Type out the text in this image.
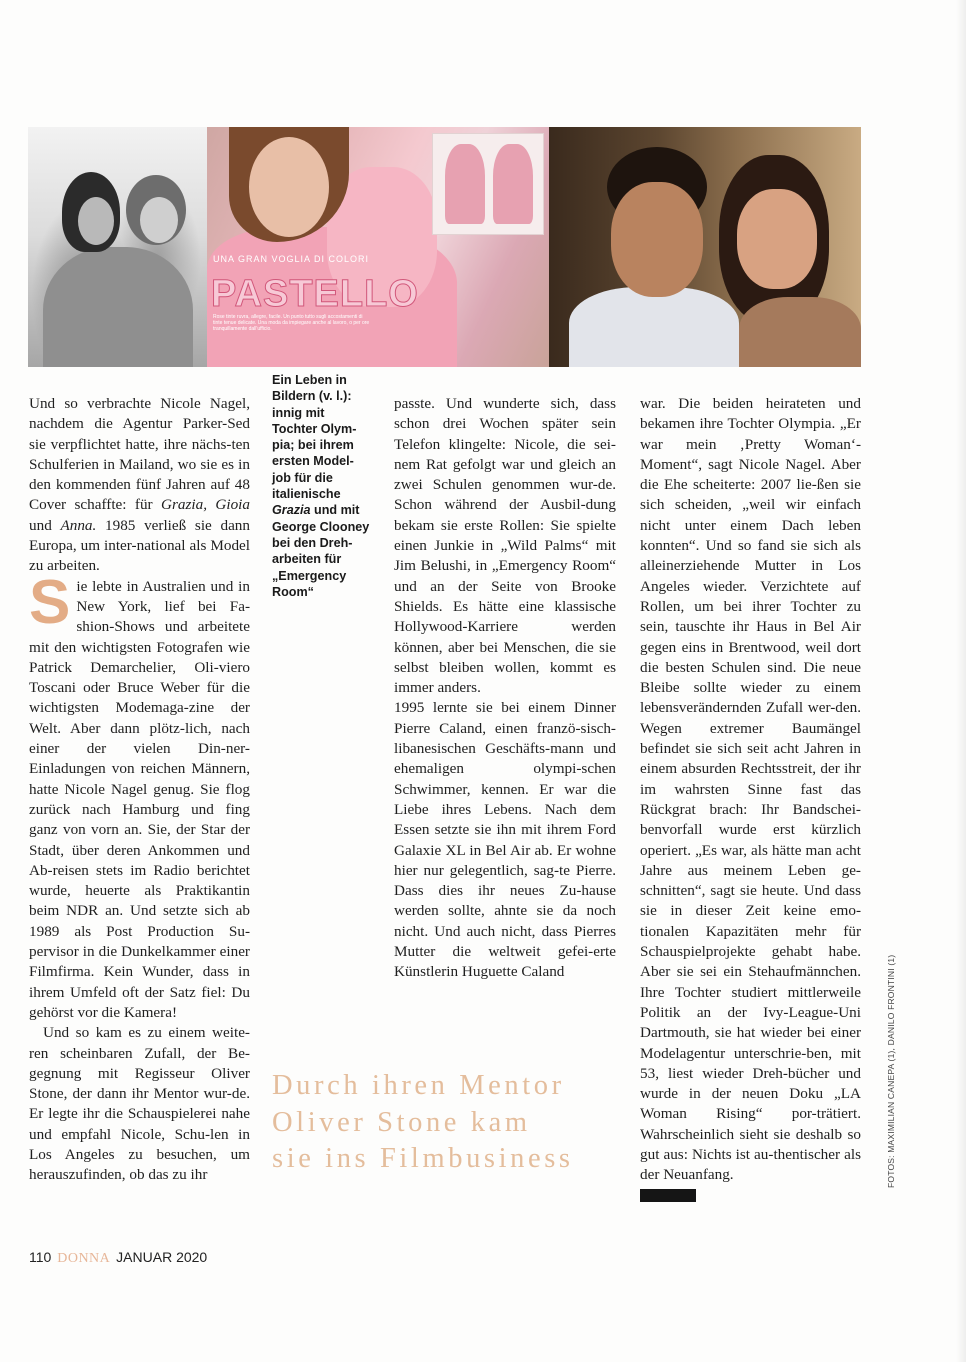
UNA GRAN VOGLIA DI COLORI
PASTELLO
Rose tinte ruvra, allegre, facile. Un punto tutto sugli accostamenti di tinte tenue delicate. Una moda da impiegare anche al lavoro, o per ore tranquillamente dall'ufficio.

Und so verbrachte Nicole Nagel, nachdem die Agentur Parker-Sed sie verpflichtet hatte, ihre nächs-ten Schulferien in Mailand, wo sie es in den kommenden fünf Jahren auf 48 Cover schaffte: für Grazia, Gioia und Anna. 1985 verließ sie dann Europa, um inter-national als Model zu arbeiten.

Sie lebte in Australien und in New York, lief bei Fa-shion-Shows und arbeitete mit den wichtigsten Fotografen wie Patrick Demarchelier, Oli-viero Toscani oder Bruce Weber für die wichtigsten Modemaga-zine der Welt. Aber dann plötz-lich, nach einer der vielen Din-ner-Einladungen von reichen Männern, hatte Nicole Nagel genug. Sie flog zurück nach Hamburg und fing ganz von vorn an. Sie, der Star der Stadt, über deren Ankommen und Ab-reisen stets im Radio berichtet wurde, heuerte als Praktikantin beim NDR an. Und setzte sich ab 1989 als Post Production Su-pervisor in die Dunkelkammer einer Filmfirma. Kein Wunder, dass in ihrem Umfeld oft der Satz fiel: Du gehörst vor die Kamera!

Und so kam es zu einem weite-ren scheinbaren Zufall, der Be-gegnung mit Regisseur Oliver Stone, der dann ihr Mentor wur-de. Er legte ihr die Schauspielerei nahe und empfahl Nicole, Schu-len in Los Angeles zu besuchen, um herauszufinden, ob das zu ihr

Ein Leben in Bildern (v. l.): innig mit Tochter Olym-pia; bei ihrem ersten Model-job für die italienische Grazia und mit George Clooney bei den Dreh-arbeiten für „Emergency Room“

passte. Und wunderte sich, dass schon drei Wochen später sein Telefon klingelte: Nicole, die sei-nem Rat gefolgt war und gleich an zwei Schulen genommen wur-de. Schon während der Ausbil-dung bekam sie erste Rollen: Sie spielte einen Junkie in „Wild Palms“ mit Jim Belushi, in „Emergency Room“ und an der Seite von Brooke Shields. Es hätte eine klassische Hollywood-Karriere werden können, aber bei Menschen, die sie selbst bleiben wollen, kommt es immer anders.

1995 lernte sie bei einem Dinner Pierre Caland, einen franzö-sisch-libanesischen Geschäfts-mann und ehemaligen olympi-schen Schwimmer, kennen. Er war die Liebe ihres Lebens. Nach dem Essen setzte sie ihn mit ihrem Ford Galaxie XL in Bel Air ab. Er wohne hier nur gelegentlich, sag-te Pierre. Dass dies ihr neues Zu-hause werden sollte, ahnte sie da noch nicht. Und auch nicht, dass Pierres Mutter die weltweit gefei-erte Künstlerin Huguette Caland

war. Die beiden heirateten und bekamen ihre Tochter Olympia. „Er war mein ‚Pretty Woman‘-Moment“, sagt Nicole Nagel. Aber die Ehe scheiterte: 2007 lie-ßen sie sich scheiden, „weil wir einfach nicht unter einem Dach leben konnten“. Und so fand sie sich als alleinerziehende Mutter in Los Angeles wieder. Verzichtete auf Rollen, um bei ihrer Tochter zu sein, tauschte ihr Haus in Bel Air gegen eins in Brentwood, weil dort die besten Schulen sind. Die neue Bleibe sollte wieder zu einem lebensverändernden Zufall wer-den. Wegen extremer Baumängel befindet sie sich seit acht Jahren in einem absurden Rechtsstreit, der ihr im wahrsten Sinne fast das Rückgrat brach: Ihr Bandschei-benvorfall wurde erst kürzlich operiert. „Es war, als hätte man acht Jahre aus meinem Leben ge-schnitten“, sagt sie heute. Und dass sie in dieser Zeit keine emo-tionalen Kapazitäten mehr für Schauspielprojekte gehabt habe. Aber sie sei ein Stehaufmännchen. Ihre Tochter studiert mittlerweile Politik an der Ivy-League-Uni Dartmouth, sie hat wieder bei einer Modelagentur unterschrie-ben, mit 53, liest wieder Dreh-bücher und wurde in der neuen Doku „LA Woman Rising“ por-trätiert. Wahrscheinlich sieht sie deshalb so gut aus: Nichts ist au-thentischer als der Neuanfang.

Durch ihren Mentor Oliver Stone kam sie ins Filmbusiness	FOTOS: MAXIMILIAN CANEPA (1), DANILO FRONTINI (1)
110 DONNA JANUAR 2020
